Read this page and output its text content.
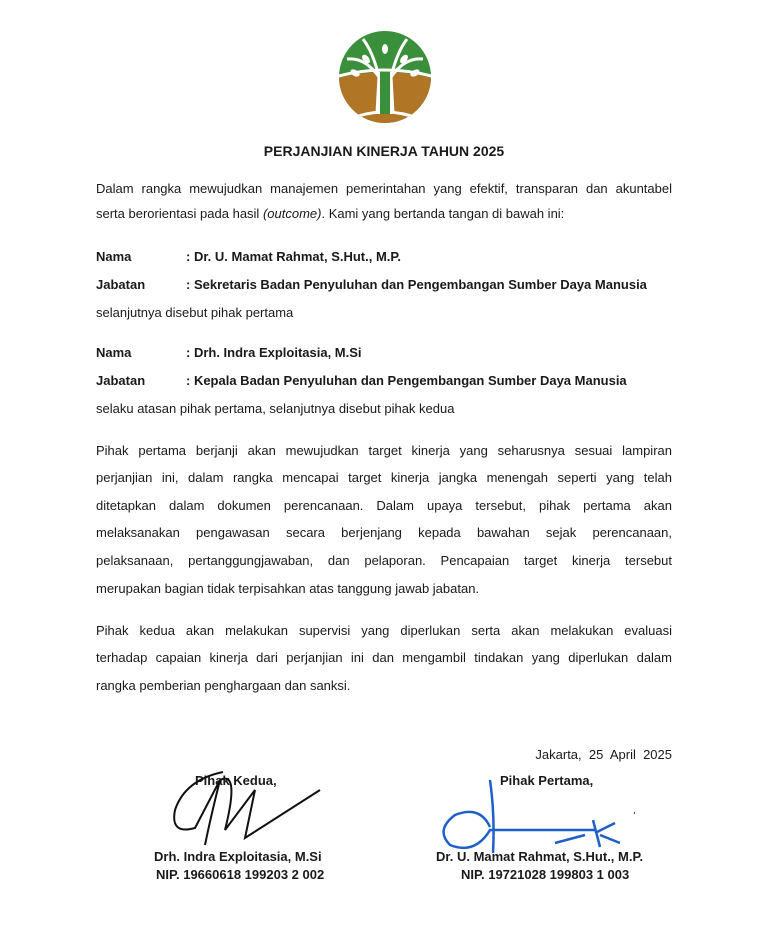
PERJANJIAN KINERJA TAHUN 2025
Dalam rangka mewujudkan manajemen pemerintahan yang efektif, transparan dan akuntabel
serta berorientasi pada hasil (outcome). Kami yang bertanda tangan di bawah ini:
Nama	: Dr. U. Mamat Rahmat, S.Hut., M.P.
Jabatan	: Sekretaris Badan Penyuluhan dan Pengembangan Sumber Daya Manusia
selanjutnya disebut pihak pertama
Nama	: Drh. Indra Exploitasia, M.Si
Jabatan	: Kepala Badan Penyuluhan dan Pengembangan Sumber Daya Manusia
selaku atasan pihak pertama, selanjutnya disebut pihak kedua
Pihak pertama berjanji akan mewujudkan target kinerja yang seharusnya sesuai lampiran
perjanjian ini, dalam rangka mencapai target kinerja jangka menengah seperti yang telah
ditetapkan dalam dokumen perencanaan. Dalam upaya tersebut, pihak pertama akan
melaksanakan pengawasan secara berjenjang kepada bawahan sejak perencanaan,
pelaksanaan, pertanggungjawaban, dan pelaporan. Pencapaian target kinerja tersebut
merupakan bagian tidak terpisahkan atas tanggung jawab jabatan.
Pihak kedua akan melakukan supervisi yang diperlukan serta akan melakukan evaluasi
terhadap capaian kinerja dari perjanjian ini dan mengambil tindakan yang diperlukan dalam
rangka pemberian penghargaan dan sanksi.
Jakarta,  25  April  2025
Pihak Kedua,	Pihak Pertama,
Drh. Indra Exploitasia, M.Si
NIP. 19660618 199203 2 002
Dr. U. Mamat Rahmat, S.Hut., M.P.
NIP. 19721028 199803 1 003
